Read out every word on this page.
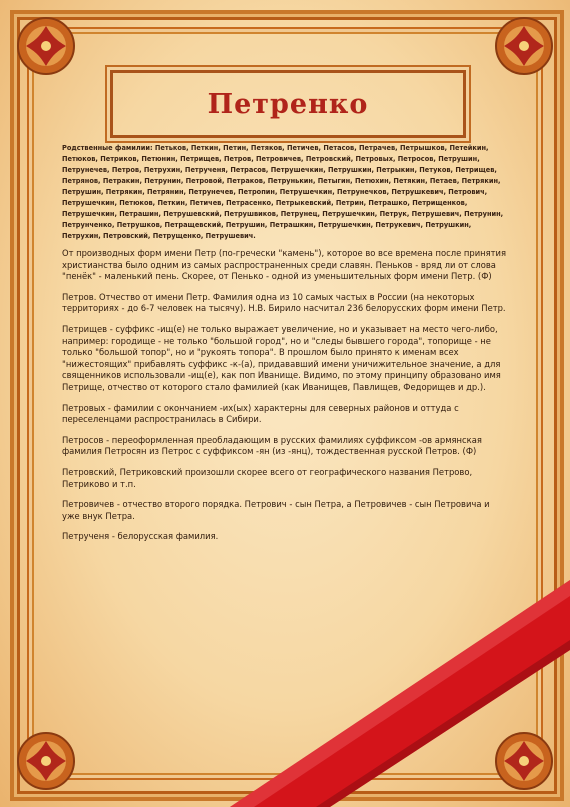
Петренко

Родственные фамилии: Петьков, Петкин, Петин, Петяков, Петичев, Петасов, Петрачев, Петрышков, Петейкин, Петюков, Петриков, Петюнин, Петрищев, Петров, Петровичев, Петровский, Петровых, Петросов, Петрушин, Петрунечев, Петров, Петрухин, Петрученя, Петрасов, Петрушечкин, Петрушкин, Петрыкин, Петуков, Петрищев, Петрянов, Петракин, Петрунин, Петровой, Петраков, Петрунькин, Петыгин, Петюхин, Петякин, Петаев, Петрякин, Петрушин, Петрякин, Петрянин, Петрунечев, Петропин, Петрушечкин, Петрунечков, Петрушкевич, Петрович, Петрушечкин, Петюков, Петкин, Петичев, Петрасенко, Петрыкевский, Петрин, Петрашко, Петрищенков, Петрушечкин, Петрашин, Петрушевский, Петрушвиков, Петрунец, Петрушечкин, Петрук, Петрушевич, Петрунин, Петрунченко, Петрушков, Петращевский, Петрушин, Петрашкин, Петрушечкин, Петрукевич, Петрушкин, Петрухин, Петровский, Петрущенко, Петрушевич.

От производных форм имени Петр (по-гречески "камень"), которое во все времена после принятия христианства было одним из самых распространенных среди славян. Пеньков - вряд ли от слова "пенёк" - маленький пень. Скорее, от Пенько - одной из уменьшительных форм имени Петр. (Ф)

Петров. Отчество от имени Петр. Фамилия одна из 10 самых частых в России (на некоторых территориях - до 6-7 человек на тысячу). Н.В. Бирило насчитал 236 белорусских форм имени Петр.

Петрищев - суффикс -ищ(е) не только выражает увеличение, но и указывает на место чего-либо, например: городище - не только "большой город", но и "следы бывшего города", топорище - не только "большой топор", но и "рукоять топора". В прошлом было принято к именам всех "нижестоящих" прибавлять суффикс -к-(а), придававший имени уничижительное значение, а для священников использовали -ищ(е), как поп Иванище. Видимо, по этому принципу образовано имя Петрище, отчество от которого стало фамилией (как Иванищев, Павлищев, Федорищев и др.).

Петровых - фамилии с окончанием -их(ых) характерны для северных районов и оттуда с переселенцами распространилась в Сибири.

Петросов - переоформленная преобладающим в русских фамилиях суффиксом -ов армянская фамилия Петросян из Петрос с суффиксом -ян (из -янц), тождественная русской Петров. (Ф)

Петровский, Петриковский произошли скорее всего от географического названия Петрово, Петриково и т.п.

Петровичев - отчество второго порядка. Петрович - сын Петра, а Петровичев - сын Петровича и уже внук Петра.

Петрученя - белорусская фамилия.
